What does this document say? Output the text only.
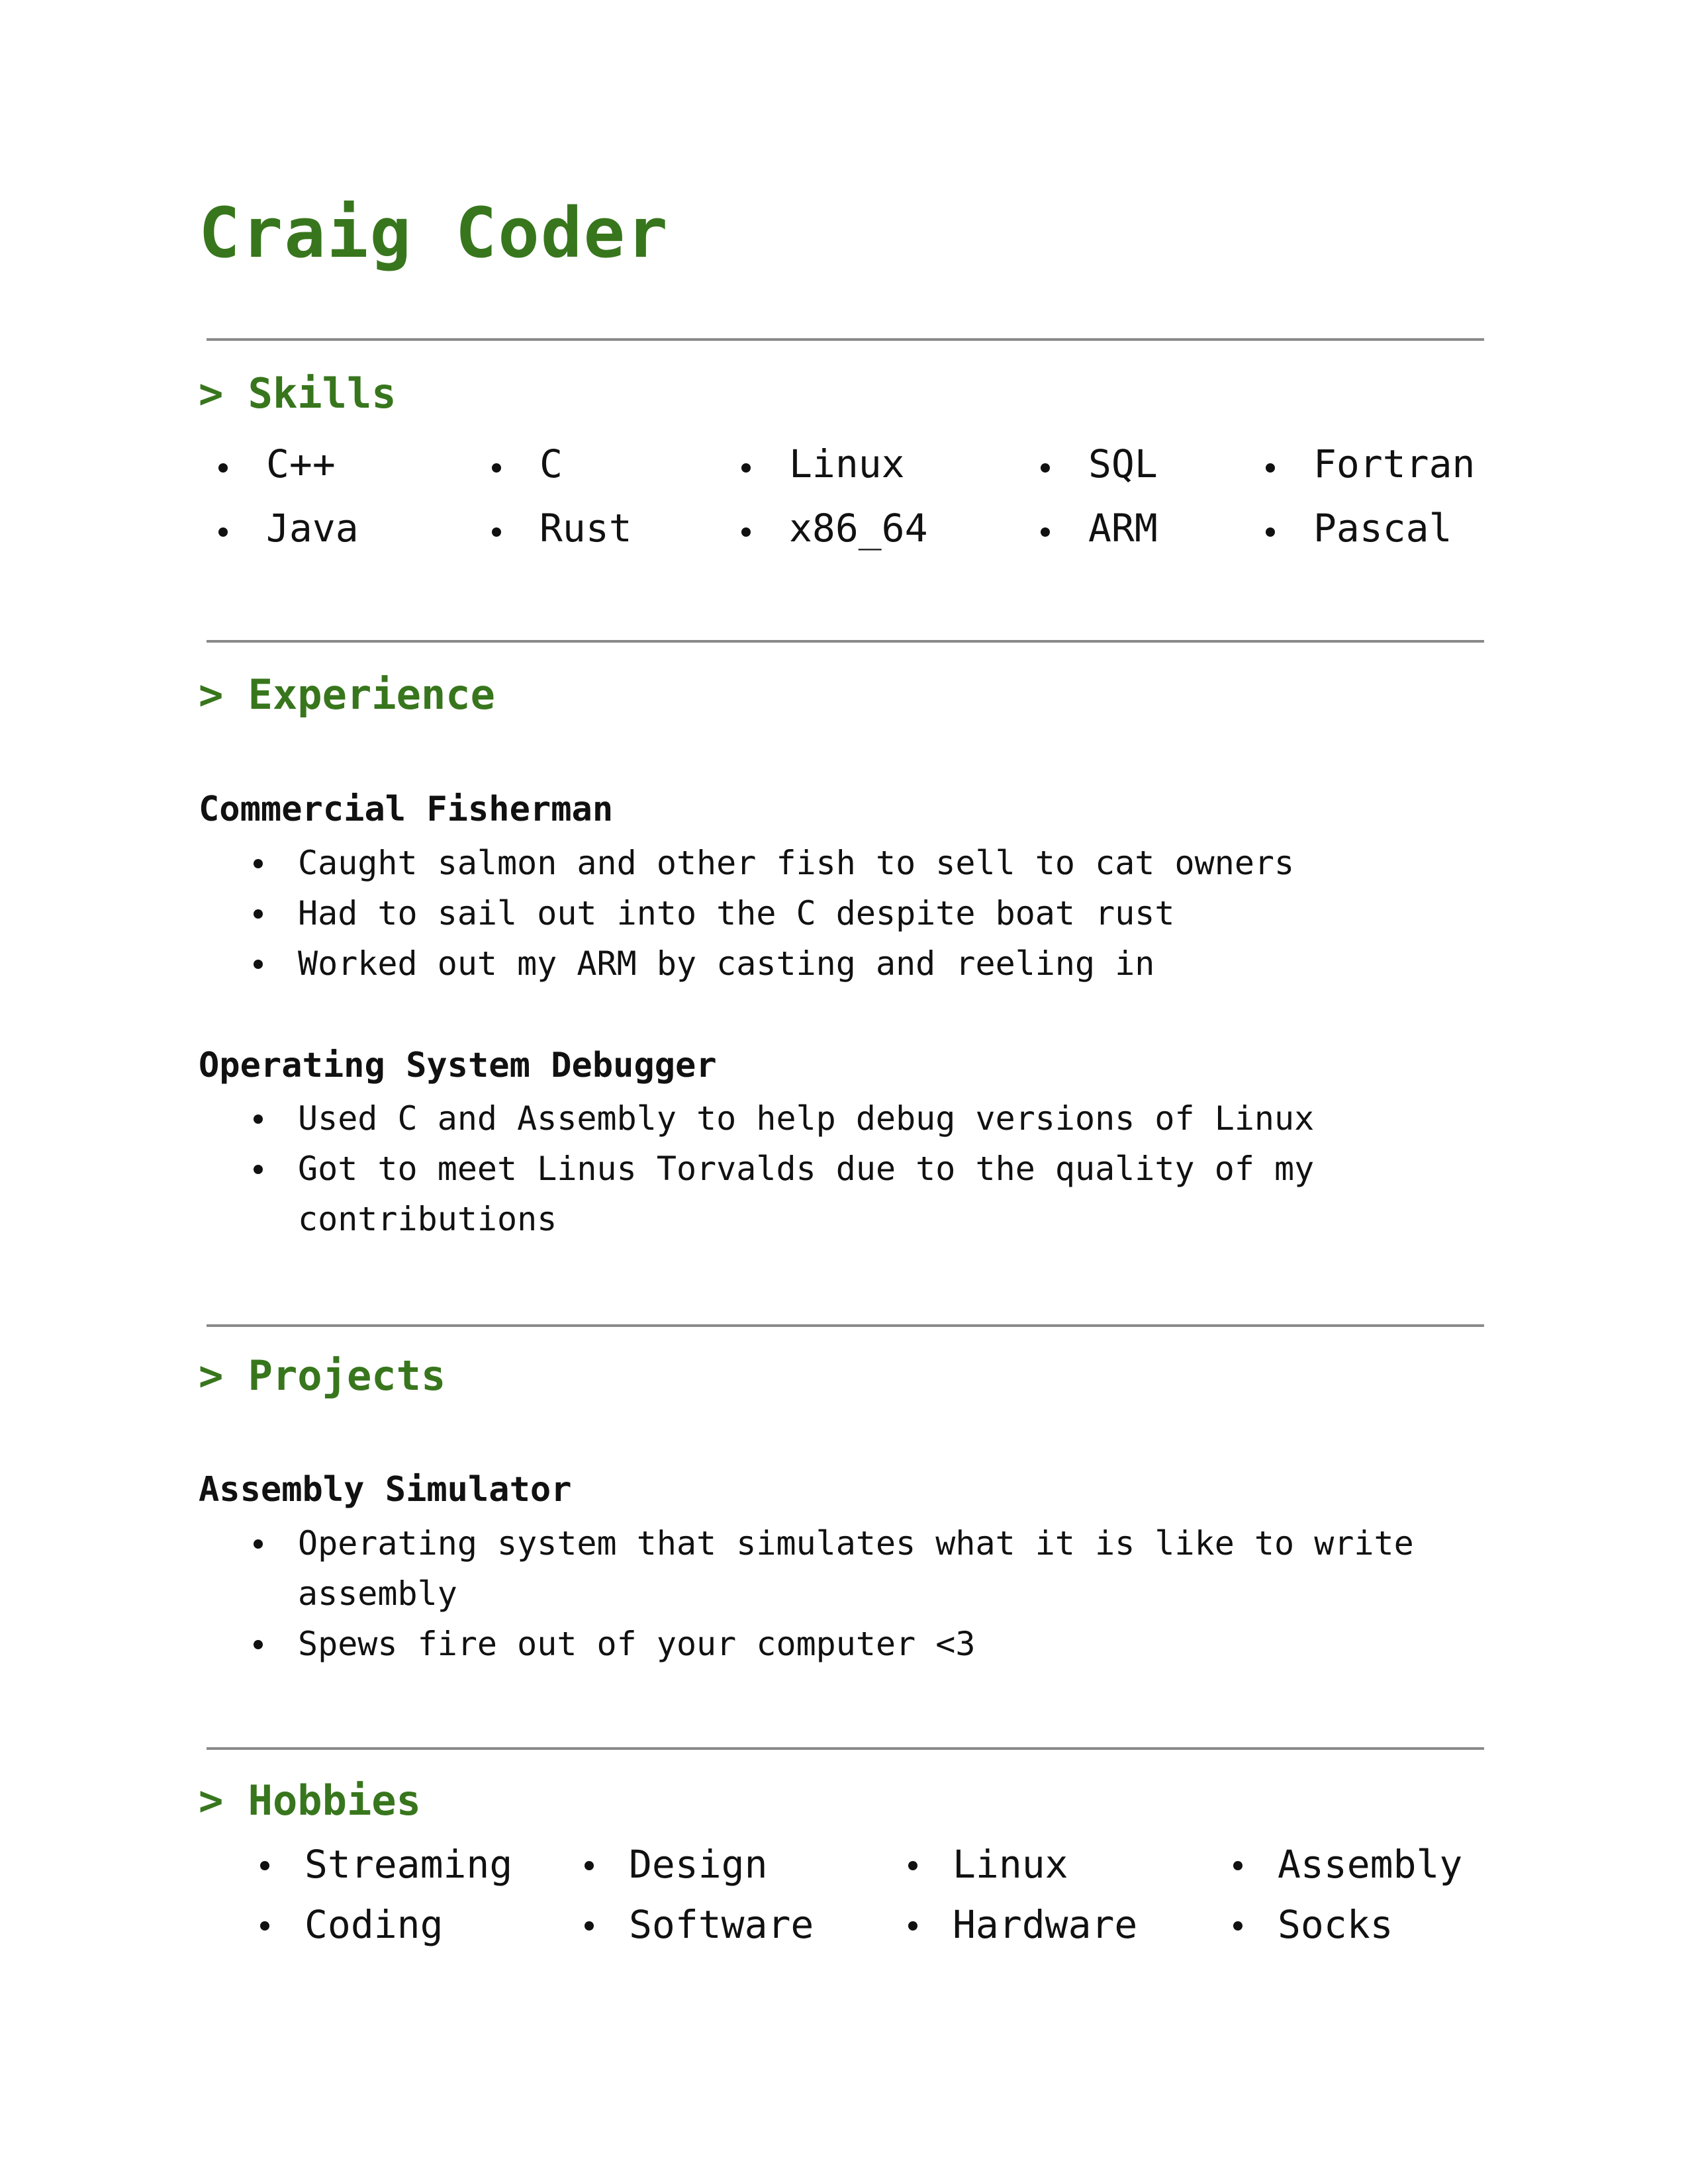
Craig Coder
> Skills
C++	C	Linux	SQL	Fortran
Java	Rust	x86_64	ARM	Pascal
> Experience
Commercial Fisherman
Caught salmon and other fish to sell to cat owners
Had to sail out into the C despite boat rust
Worked out my ARM by casting and reeling in
Operating System Debugger
Used C and Assembly to help debug versions of Linux
Got to meet Linus Torvalds due to the quality of my
contributions
> Projects
Assembly Simulator
Operating system that simulates what it is like to write
assembly
Spews fire out of your computer <3
> Hobbies
Streaming	Design	Linux	Assembly
Coding	Software	Hardware	Socks
